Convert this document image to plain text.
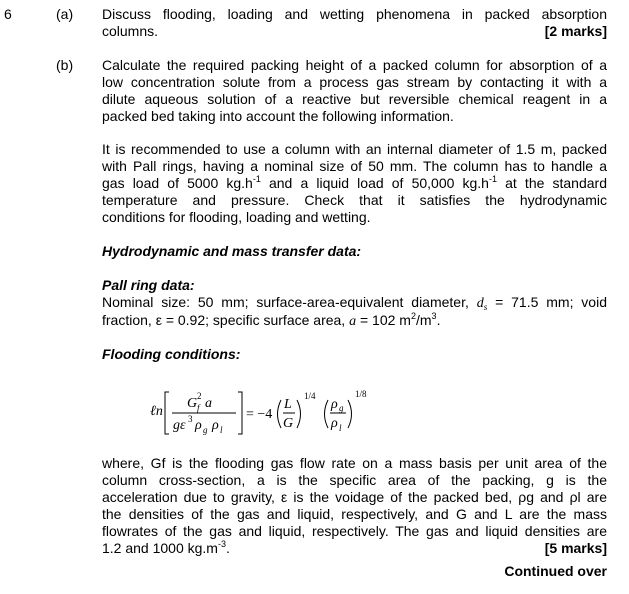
6	(a) Discuss flooding, loading and wetting phenomena in packed absorption
columns.	[2 marks]
(b) Calculate the required packing height of a packed column for absorption of a
low concentration solute from a process gas stream by contacting it with a
dilute aqueous solution of a reactive but reversible chemical reagent in a
packed bed taking into account the following information.
It is recommended to use a column with an internal diameter of 1.5 m, packed
with Pall rings, having a nominal size of 50 mm. The column has to handle a
gas load of 5000 $kg.h^{-1}$ and a liquid load of 50,000 $kg.h^{-1}$ at the standard
temperature and pressure. Check that it satisfies the hydrodynamic
conditions for flooding, loading and wetting.
Hydrodynamic and mass transfer data:
Pall ring data:
Nominal size: 50 mm; surface-area-equivalent diameter, $d_s = 71.5$ mm; void
fraction, ε = 0.92; specific surface area, a = 102 $m^2/m^3$.
Flooding conditions:
ℓn
G 2
f a
gε 3 ρ g ρ l
= −4
L
G
1/4
ρ g
ρ l
1/8
where, Gf is the flooding gas flow rate on a mass basis per unit area of the
column cross-section, a is the specific area of the packing, g is the
acceleration due to gravity, ε is the voidage of the packed bed, ρg and ρl are
the densities of the gas and liquid, respectively, and G and L are the mass
flowrates of the gas and liquid, respectively. The gas and liquid densities are
1.2 and 1000 $kg.m^{-3}$.	[5 marks]
Continued over
